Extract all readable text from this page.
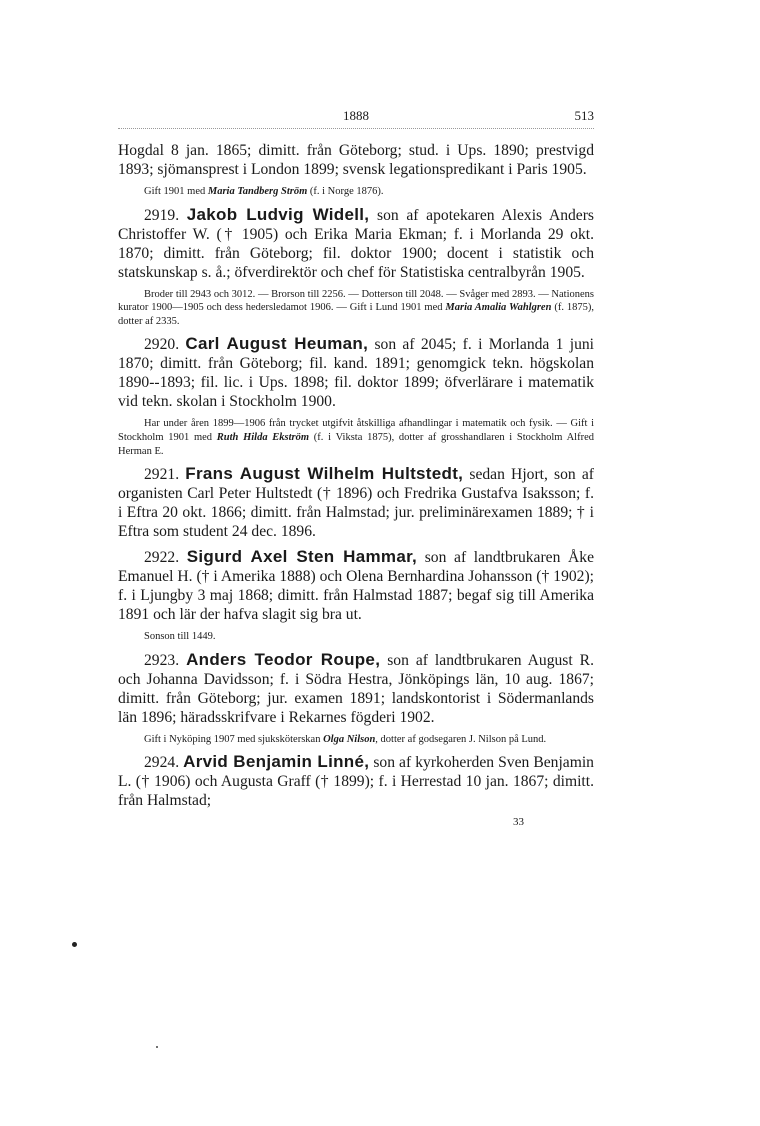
1888	513

Hogdal 8 jan. 1865; dimitt. från Göteborg; stud. i Ups. 1890; prestvigd 1893; sjömansprest i London 1899; svensk legationspredikant i Paris 1905.

Gift 1901 med Maria Tandberg Ström (f. i Norge 1876).

2919. Jakob Ludvig Widell, son af apotekaren Alexis Anders Christoffer W. († 1905) och Erika Maria Ekman; f. i Morlanda 29 okt. 1870; dimitt. från Göteborg; fil. doktor 1900; docent i statistik och statskunskap s. å.; öfverdirektör och chef för Statistiska centralbyrån 1905.

Broder till 2943 och 3012. — Brorson till 2256. — Dotterson till 2048. — Svåger med 2893. — Nationens kurator 1900—1905 och dess hedersledamot 1906. — Gift i Lund 1901 med Maria Amalia Wahlgren (f. 1875), dotter af 2335.

2920. Carl August Heuman, son af 2045; f. i Morlanda 1 juni 1870; dimitt. från Göteborg; fil. kand. 1891; genomgick tekn. högskolan 1890--1893; fil. lic. i Ups. 1898; fil. doktor 1899; öfverlärare i matematik vid tekn. skolan i Stockholm 1900.

Har under åren 1899—1906 från trycket utgifvit åtskilliga afhandlingar i matematik och fysik. — Gift i Stockholm 1901 med Ruth Hilda Ekström (f. i Viksta 1875), dotter af grosshandlaren i Stockholm Alfred Herman E.

2921. Frans August Wilhelm Hultstedt, sedan Hjort, son af organisten Carl Peter Hultstedt († 1896) och Fredrika Gustafva Isaksson; f. i Eftra 20 okt. 1866; dimitt. från Halmstad; jur. preliminärexamen 1889; † i Eftra som student 24 dec. 1896.

2922. Sigurd Axel Sten Hammar, son af landtbrukaren Åke Emanuel H. († i Amerika 1888) och Olena Bernhardina Johansson († 1902); f. i Ljungby 3 maj 1868; dimitt. från Halmstad 1887; begaf sig till Amerika 1891 och lär der hafva slagit sig bra ut.

Sonson till 1449.

2923. Anders Teodor Roupe, son af landtbrukaren August R. och Johanna Davidsson; f. i Södra Hestra, Jönköpings län, 10 aug. 1867; dimitt. från Göteborg; jur. examen 1891; landskontorist i Södermanlands län 1896; häradsskrifvare i Rekarnes fögderi 1902.

Gift i Nyköping 1907 med sjuksköterskan Olga Nilson, dotter af godsegaren J. Nilson på Lund.

2924. Arvid Benjamin Linné, son af kyrkoherden Sven Benjamin L. († 1906) och Augusta Graff († 1899); f. i Herrestad 10 jan. 1867; dimitt. från Halmstad;

33
